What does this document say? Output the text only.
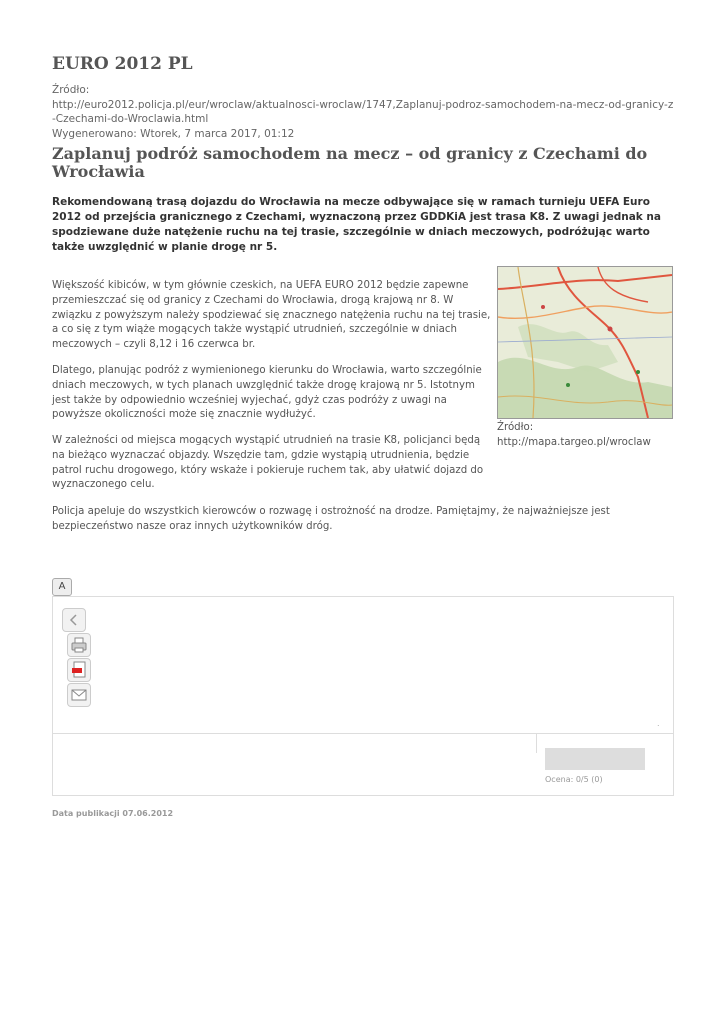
EURO 2012 PL
Źródło:
http://euro2012.policja.pl/eur/wroclaw/aktualnosci-wroclaw/1747,Zaplanuj-podroz-samochodem-na-mecz-od-granicy-z-Czechami-do-Wroclawia.html
Wygenerowano: Wtorek, 7 marca 2017, 01:12
Zaplanuj podróż samochodem na mecz – od granicy z Czechami do Wrocławia

Rekomendowaną trasą dojazdu do Wrocławia na mecze odbywające się w ramach turnieju UEFA Euro 2012 od przejścia granicznego z Czechami, wyznaczoną przez GDDKiA jest trasa K8. Z uwagi jednak na spodziewane duże natężenie ruchu na tej trasie, szczególnie w dniach meczowych, podróżując warto także uwzględnić w planie drogę nr 5.

Większość kibiców, w tym głównie czeskich, na UEFA EURO 2012 będzie zapewne przemieszczać się od granicy z Czechami do Wrocławia, drogą krajową nr 8. W związku z powyższym należy spodziewać się znacznego natężenia ruchu na tej trasie, a co się z tym wiąże mogących także wystąpić utrudnień, szczególnie w dniach meczowych – czyli 8,12 i 16 czerwca br.

Dlatego, planując podróż z wymienionego kierunku do Wrocławia, warto szczególnie dniach meczowych, w tych planach uwzględnić także drogę krajową nr 5. Istotnym jest także by odpowiednio wcześniej wyjechać, gdyż czas podróży z uwagi na powyższe okoliczności może się znacznie wydłużyć.

W zależności od miejsca mogących wystąpić utrudnień na trasie K8, policjanci będą na bieżąco wyznaczać objazdy. Wszędzie tam, gdzie wystąpią utrudnienia, będzie patrol ruchu drogowego, który wskaże i pokieruje ruchem tak, aby ułatwić dojazd do wyznaczonego celu.

Policja apeluje do wszystkich kierowców o rozwagę i ostrożność na drodze. Pamiętajmy, że najważniejsze jest bezpieczeństwo nasze oraz innych użytkowników dróg.

Źródło:
http://mapa.targeo.pl/wroclaw
A
.
Ocena: 0/5 (0)
Data publikacji 07.06.2012
